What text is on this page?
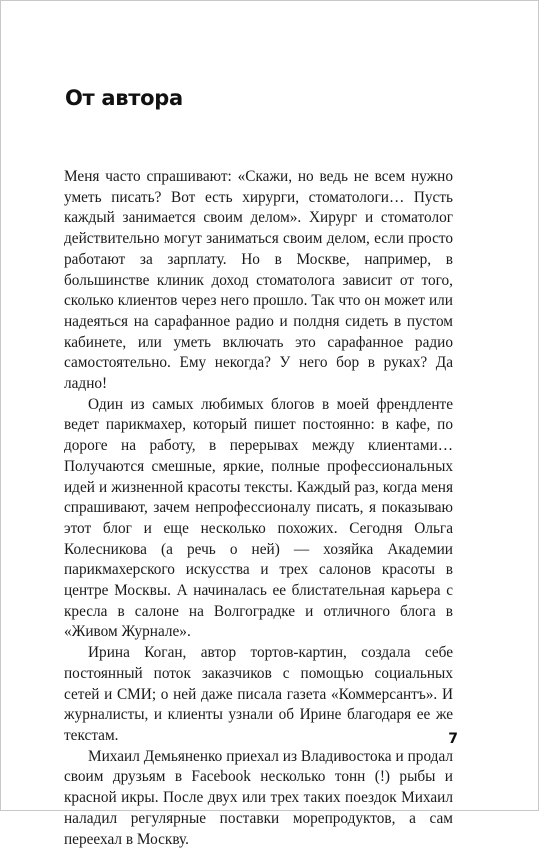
От автора

Меня часто спрашивают: «Скажи, но ведь не всем нужно уметь писать? Вот есть хирурги, стоматологи… Пусть каждый занимается своим делом». Хирург и стоматолог действительно могут заниматься своим делом, если просто работают за зарплату. Но в Москве, например, в большинстве клиник доход стоматолога зависит от того, сколько клиентов через него прошло. Так что он может или надеяться на сарафанное радио и полдня сидеть в пустом кабинете, или уметь включать это сарафанное радио самостоятельно. Ему некогда? У него бор в руках? Да ладно!

Один из самых любимых блогов в моей френдленте ведет парикмахер, который пишет постоянно: в кафе, по дороге на работу, в перерывах между клиентами… Получаются смешные, яркие, полные профессиональных идей и жизненной красоты тексты. Каждый раз, когда меня спрашивают, зачем непрофессионалу писать, я показываю этот блог и еще несколько похожих. Сегодня Ольга Колесникова (а речь о ней) — хозяйка Академии парикмахерского искусства и трех салонов красоты в центре Москвы. А начиналась ее блистательная карьера с кресла в салоне на Волгоградке и отличного блога в «Живом Журнале».

Ирина Коган, автор тортов-картин, создала себе постоянный поток заказчиков с помощью социальных сетей и СМИ; о ней даже писала газета «Коммерсантъ». И журналисты, и клиенты узнали об Ирине благодаря ее же текстам.

Михаил Демьяненко приехал из Владивостока и продал своим друзьям в Facebook несколько тонн (!) рыбы и красной икры. После двух или трех таких поездок Михаил наладил регулярные поставки морепродуктов, а сам переехал в Москву.

7
